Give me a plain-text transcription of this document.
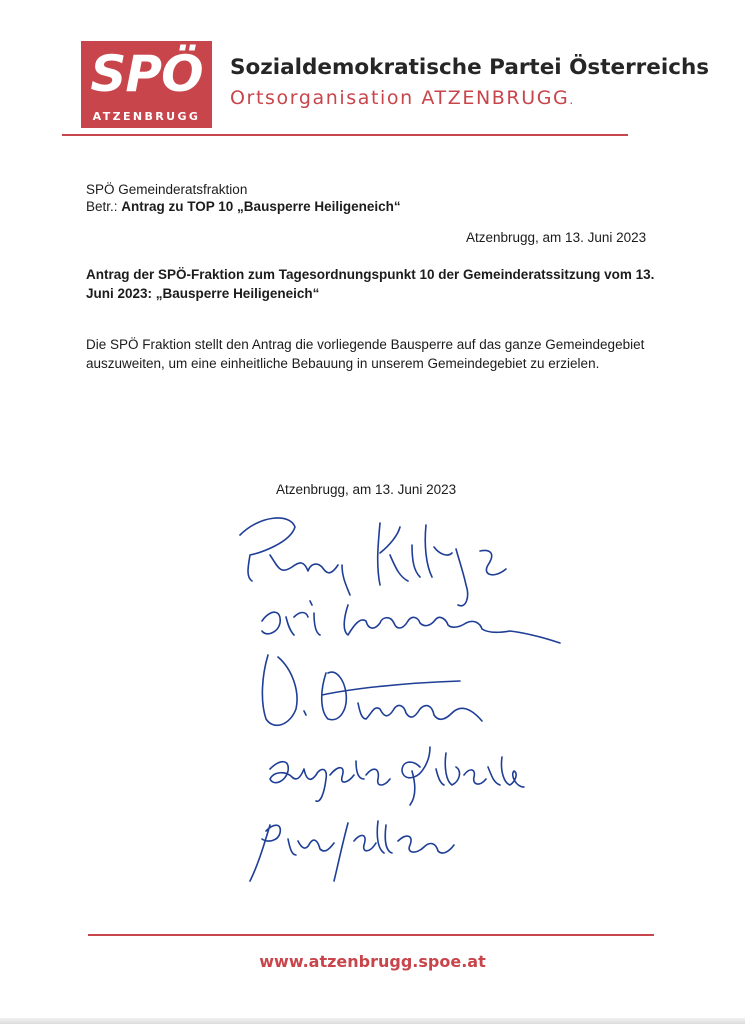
SPÖ
ATZENBRUGG
Sozialdemokratische Partei Österreichs
Ortsorganisation ATZENBRUGG.
SPÖ Gemeinderatsfraktion
Betr.: Antrag zu TOP 10 „Bausperre Heiligeneich“
Atzenbrugg, am 13. Juni 2023
Antrag der SPÖ-Fraktion zum Tagesordnungspunkt 10 der Gemeinderatssitzung vom 13.
Juni 2023: „Bausperre Heiligeneich“
Die SPÖ Fraktion stellt den Antrag die vorliegende Bausperre auf das ganze Gemeindegebiet
auszuweiten, um eine einheitliche Bebauung in unserem Gemeindegebiet zu erzielen.
Atzenbrugg, am 13. Juni 2023
www.atzenbrugg.spoe.at
